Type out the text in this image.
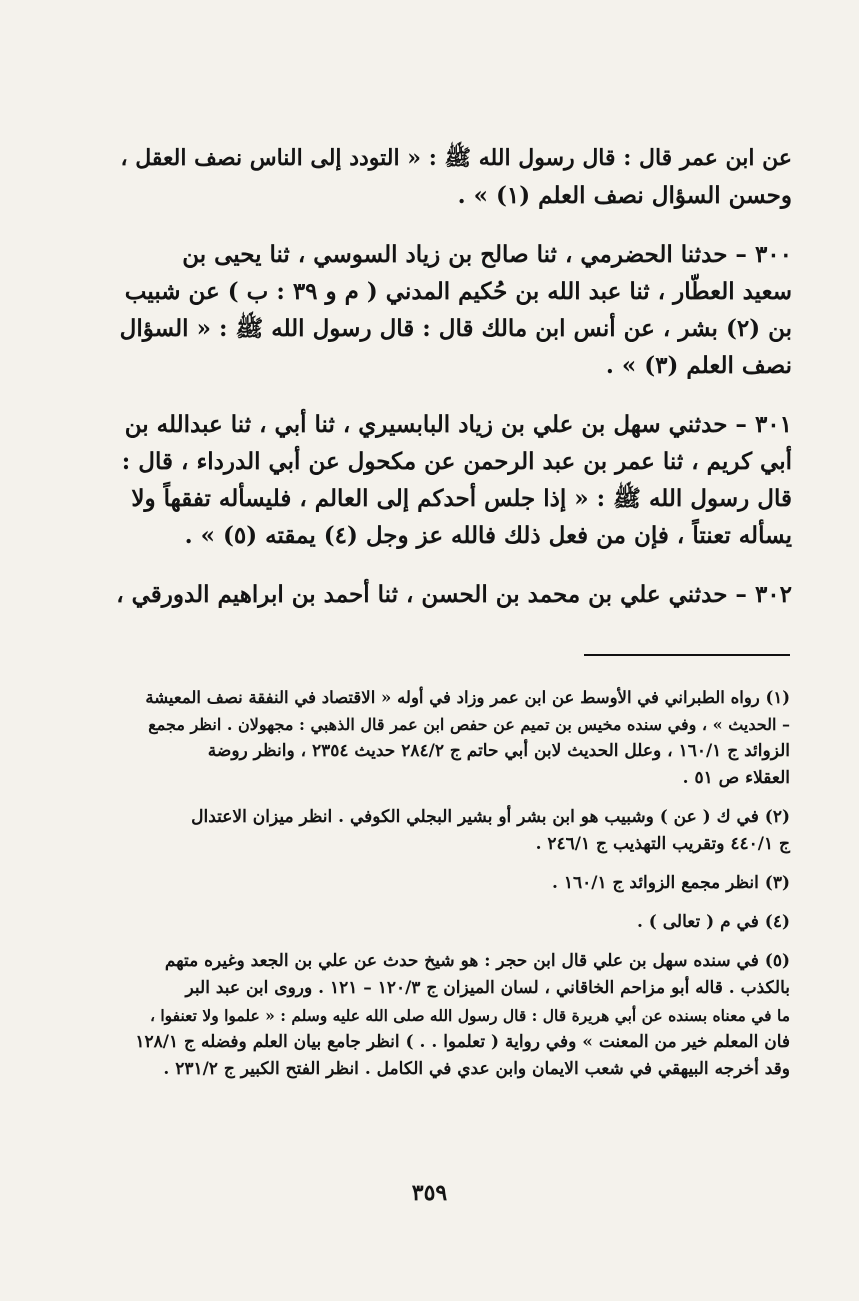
عن ابن عمر قال : قال رسول الله ﷺ : « التودد إلى الناس نصف العقل ،
وحسن السؤال نصف العلم (١) » .
٣٠٠ – حدثنا الحضرمي ، ثنا صالح بن زياد السوسي ، ثنا يحيى بن
سعيد العطّار ، ثنا عبد الله بن حُكيم المدني ( م و ٣٩ : ب ) عن شبيب
بن (٢) بشر ، عن أنس ابن مالك قال : قال رسول الله ﷺ : « السؤال
نصف العلم (٣) » .
٣٠١ – حدثني سهل بن علي بن زياد البابسيري ، ثنا أبي ، ثنا عبدالله بن
أبي كريم ، ثنا عمر بن عبد الرحمن عن مكحول عن أبي الدرداء ، قال :
قال رسول الله ﷺ : « إذا جلس أحدكم إلى العالم ، فليسأله تفقهاً ولا
يسأله تعنتاً ، فإن من فعل ذلك فالله عز وجل (٤) يمقته (٥) » .
٣٠٢ – حدثني علي بن محمد بن الحسن ، ثنا أحمد بن ابراهيم الدورقي ،
(١) رواه الطبراني في الأوسط عن ابن عمر وزاد في أوله « الاقتصاد في النفقة نصف المعيشة
– الحديث » ، وفي سنده مخيس بن تميم عن حفص ابن عمر قال الذهبي : مجهولان . انظر مجمع
الزوائد ج ١٦٠/١ ، وعلل الحديث لابن أبي حاتم ج ٢٨٤/٢ حديث ٢٣٥٤ ، وانظر روضة
العقلاء ص ٥١ .
(٢) في ك ( عن ) وشبيب هو ابن بشر أو بشير البجلي الكوفي . انظر ميزان الاعتدال
ج ٤٤٠/١ وتقريب التهذيب ج ٢٤٦/١ .
(٣) انظر مجمع الزوائد ج ١٦٠/١ .
(٤) في م ( تعالى ) .
(٥) في سنده سهل بن علي قال ابن حجر : هو شيخ حدث عن علي بن الجعد وغيره متهم
بالكذب . قاله أبو مزاحم الخاقاني ، لسان الميزان ج ١٢٠/٣ – ١٢١ . وروى ابن عبد البر
ما في معناه بسنده عن أبي هريرة قال : قال رسول الله صلى الله عليه وسلم : « علموا ولا تعنفوا ،
فان المعلم خير من المعنت » وفي رواية ( تعلموا . . ) انظر جامع بيان العلم وفضله ج ١٢٨/١
وقد أخرجه البيهقي في شعب الايمان وابن عدي في الكامل . انظر الفتح الكبير ج ٢٣١/٢ .
٣٥٩
